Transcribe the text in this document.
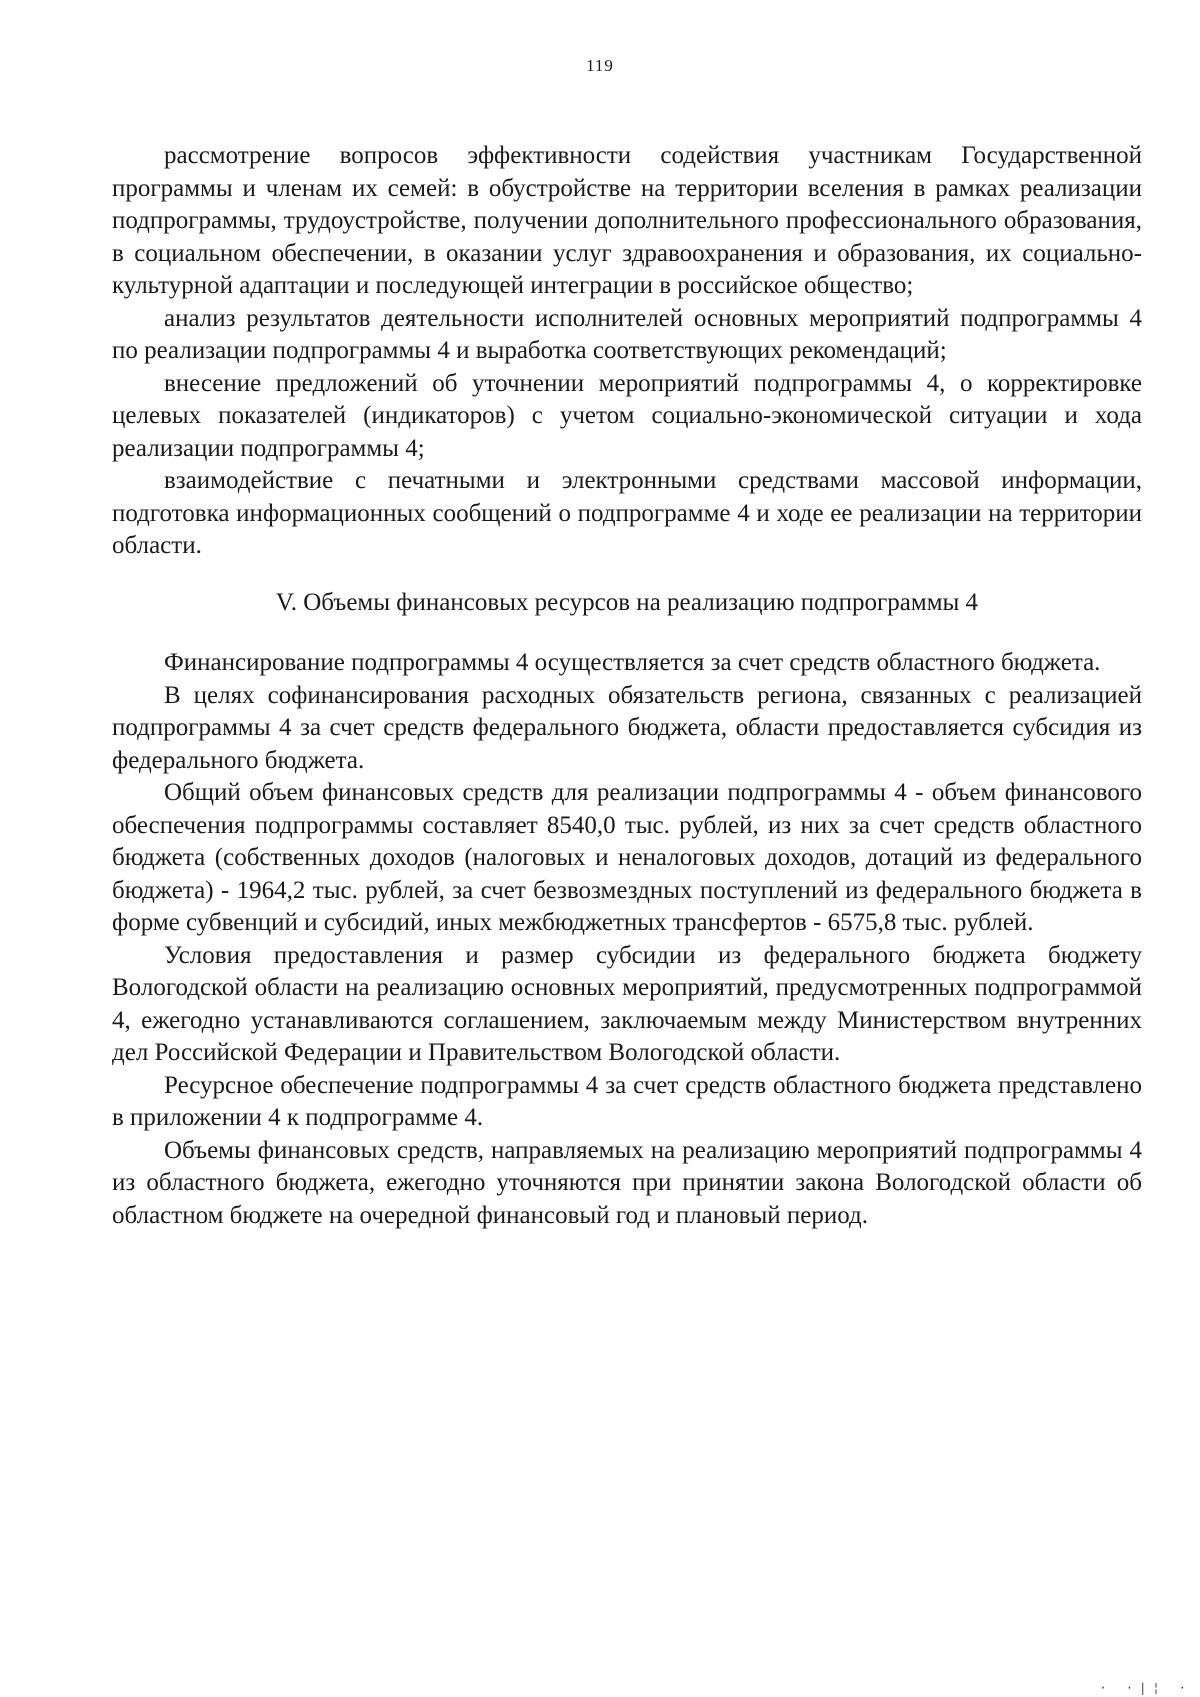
119

рассмотрение вопросов эффективности содействия участникам Государственной программы и членам их семей: в обустройстве на территории вселения в рамках реализации подпрограммы, трудоустройстве, получении дополнительного профессионального образования, в социальном обеспечении, в оказании услуг здравоохранения и образования, их социально-культурной адаптации и последующей интеграции в российское общество;

анализ результатов деятельности исполнителей основных мероприятий подпрограммы 4 по реализации подпрограммы 4 и выработка соответствующих рекомендаций;

внесение предложений об уточнении мероприятий подпрограммы 4, о корректировке целевых показателей (индикаторов) с учетом социально-экономической ситуации и хода реализации подпрограммы 4;

взаимодействие с печатными и электронными средствами массовой информации, подготовка информационных сообщений о подпрограмме 4 и ходе ее реализации на территории области.

V. Объемы финансовых ресурсов на реализацию подпрограммы 4

Финансирование подпрограммы 4 осуществляется за счет средств областного бюджета.

В целях софинансирования расходных обязательств региона, связанных с реализацией подпрограммы 4 за счет средств федерального бюджета, области предоставляется субсидия из федерального бюджета.

Общий объем финансовых средств для реализации подпрограммы 4 - объем финансового обеспечения подпрограммы составляет 8540,0 тыс. рублей, из них за счет средств областного бюджета (собственных доходов (налоговых и неналоговых доходов, дотаций из федерального бюджета) - 1964,2 тыс. рублей, за счет безвозмездных поступлений из федерального бюджета в форме субвенций и субсидий, иных межбюджетных трансфертов - 6575,8 тыс. рублей.

Условия предоставления и размер субсидии из федерального бюджета бюджету Вологодской области на реализацию основных мероприятий, предусмотренных подпрограммой 4, ежегодно устанавливаются соглашением, заключаемым между Министерством внутренних дел Российской Федерации и Правительством Вологодской области.

Ресурсное обеспечение подпрограммы 4 за счет средств областного бюджета представлено в приложении 4 к подпрограмме 4.

Объемы финансовых средств, направляемых на реализацию мероприятий подпрограммы 4 из областного бюджета, ежегодно уточняются при принятии закона Вологодской области об областном бюджете на очередной финансовый год и плановый период.

· ·|¦ ·
